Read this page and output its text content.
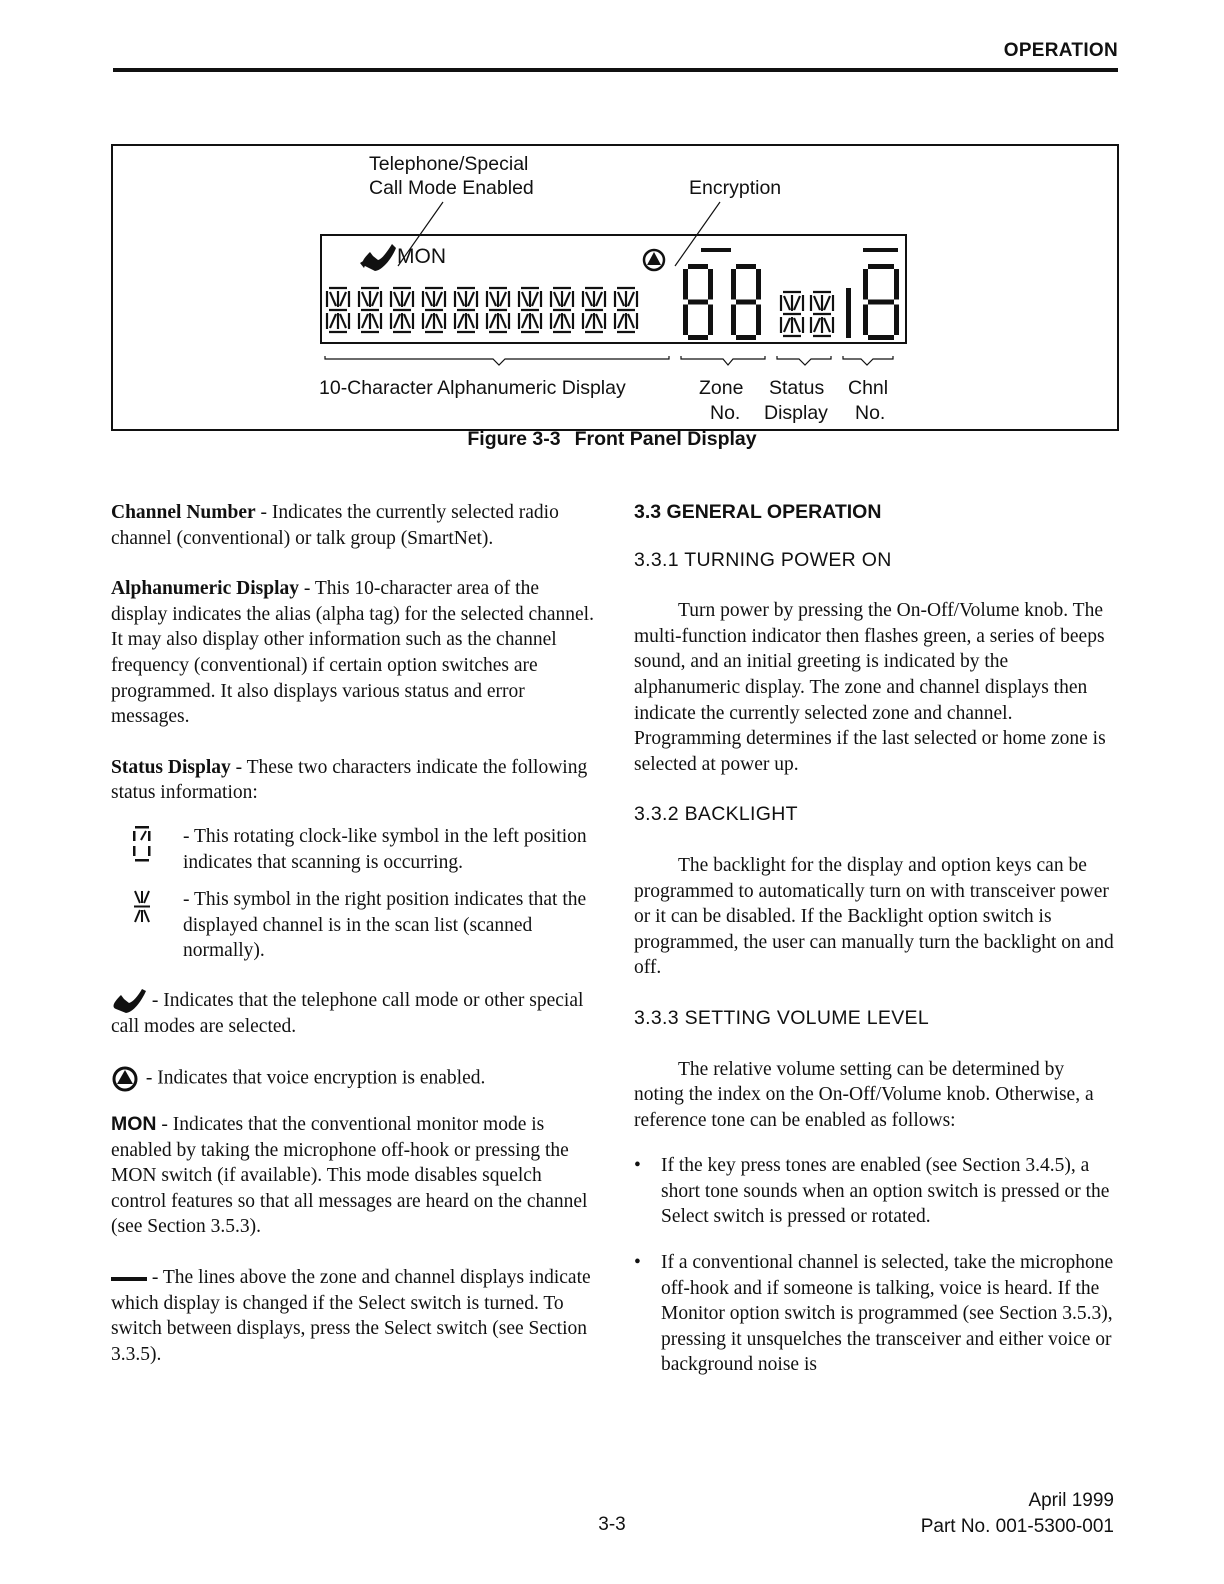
OPERATION
Telephone/Special
Call Mode Enabled	Encryption
MON
10-Character Alphanumeric Display	Zone
No.
Status
Display
Chnl
No.
Figure 3-3 Front Panel Display

Channel Number - Indicates the currently selected radio channel (conventional) or talk group (SmartNet).

Alphanumeric Display - This 10-character area of the display indicates the alias (alpha tag) for the selected channel. It may also display other information such as the channel frequency (conventional) if certain option switches are programmed. It also displays various status and error messages.

Status Display - These two characters indicate the following status information:

- This rotating clock-like symbol in the left position indicates that scanning is occurring.
- This symbol in the right position indicates that the displayed channel is in the scan list (scanned normally).

- Indicates that the telephone call mode or other special call modes are selected.

- Indicates that voice encryption is enabled.

MON - Indicates that the conventional monitor mode is enabled by taking the microphone off-hook or pressing the MON switch (if available). This mode disables squelch control features so that all messages are heard on the channel (see Section 3.5.3).

- The lines above the zone and channel displays indicate which display is changed if the Select switch is turned. To switch between displays, press the Select switch (see Section 3.3.5).

3.3 GENERAL OPERATION
3.3.1 TURNING POWER ON

Turn power by pressing the On-Off/Volume knob. The multi-function indicator then flashes green, a series of beeps sound, and an initial greeting is indicated by the alphanumeric display. The zone and channel displays then indicate the currently selected zone and channel. Programming determines if the last selected or home zone is selected at power up.

3.3.2 BACKLIGHT

The backlight for the display and option keys can be programmed to automatically turn on with transceiver power or it can be disabled. If the Backlight option switch is programmed, the user can manually turn the backlight on and off.

3.3.3 SETTING VOLUME LEVEL

The relative volume setting can be determined by noting the index on the On-Off/Volume knob. Otherwise, a reference tone can be enabled as follows:

• If the key press tones are enabled (see Section 3.4.5), a short tone sounds when an option switch is pressed or the Select switch is pressed or rotated.
• If a conventional channel is selected, take the microphone off-hook and if someone is talking, voice is heard. If the Monitor option switch is programmed (see Section 3.5.3), pressing it unsquelches the transceiver and either voice or background noise is
3-3
April 1999
Part No. 001-5300-001
